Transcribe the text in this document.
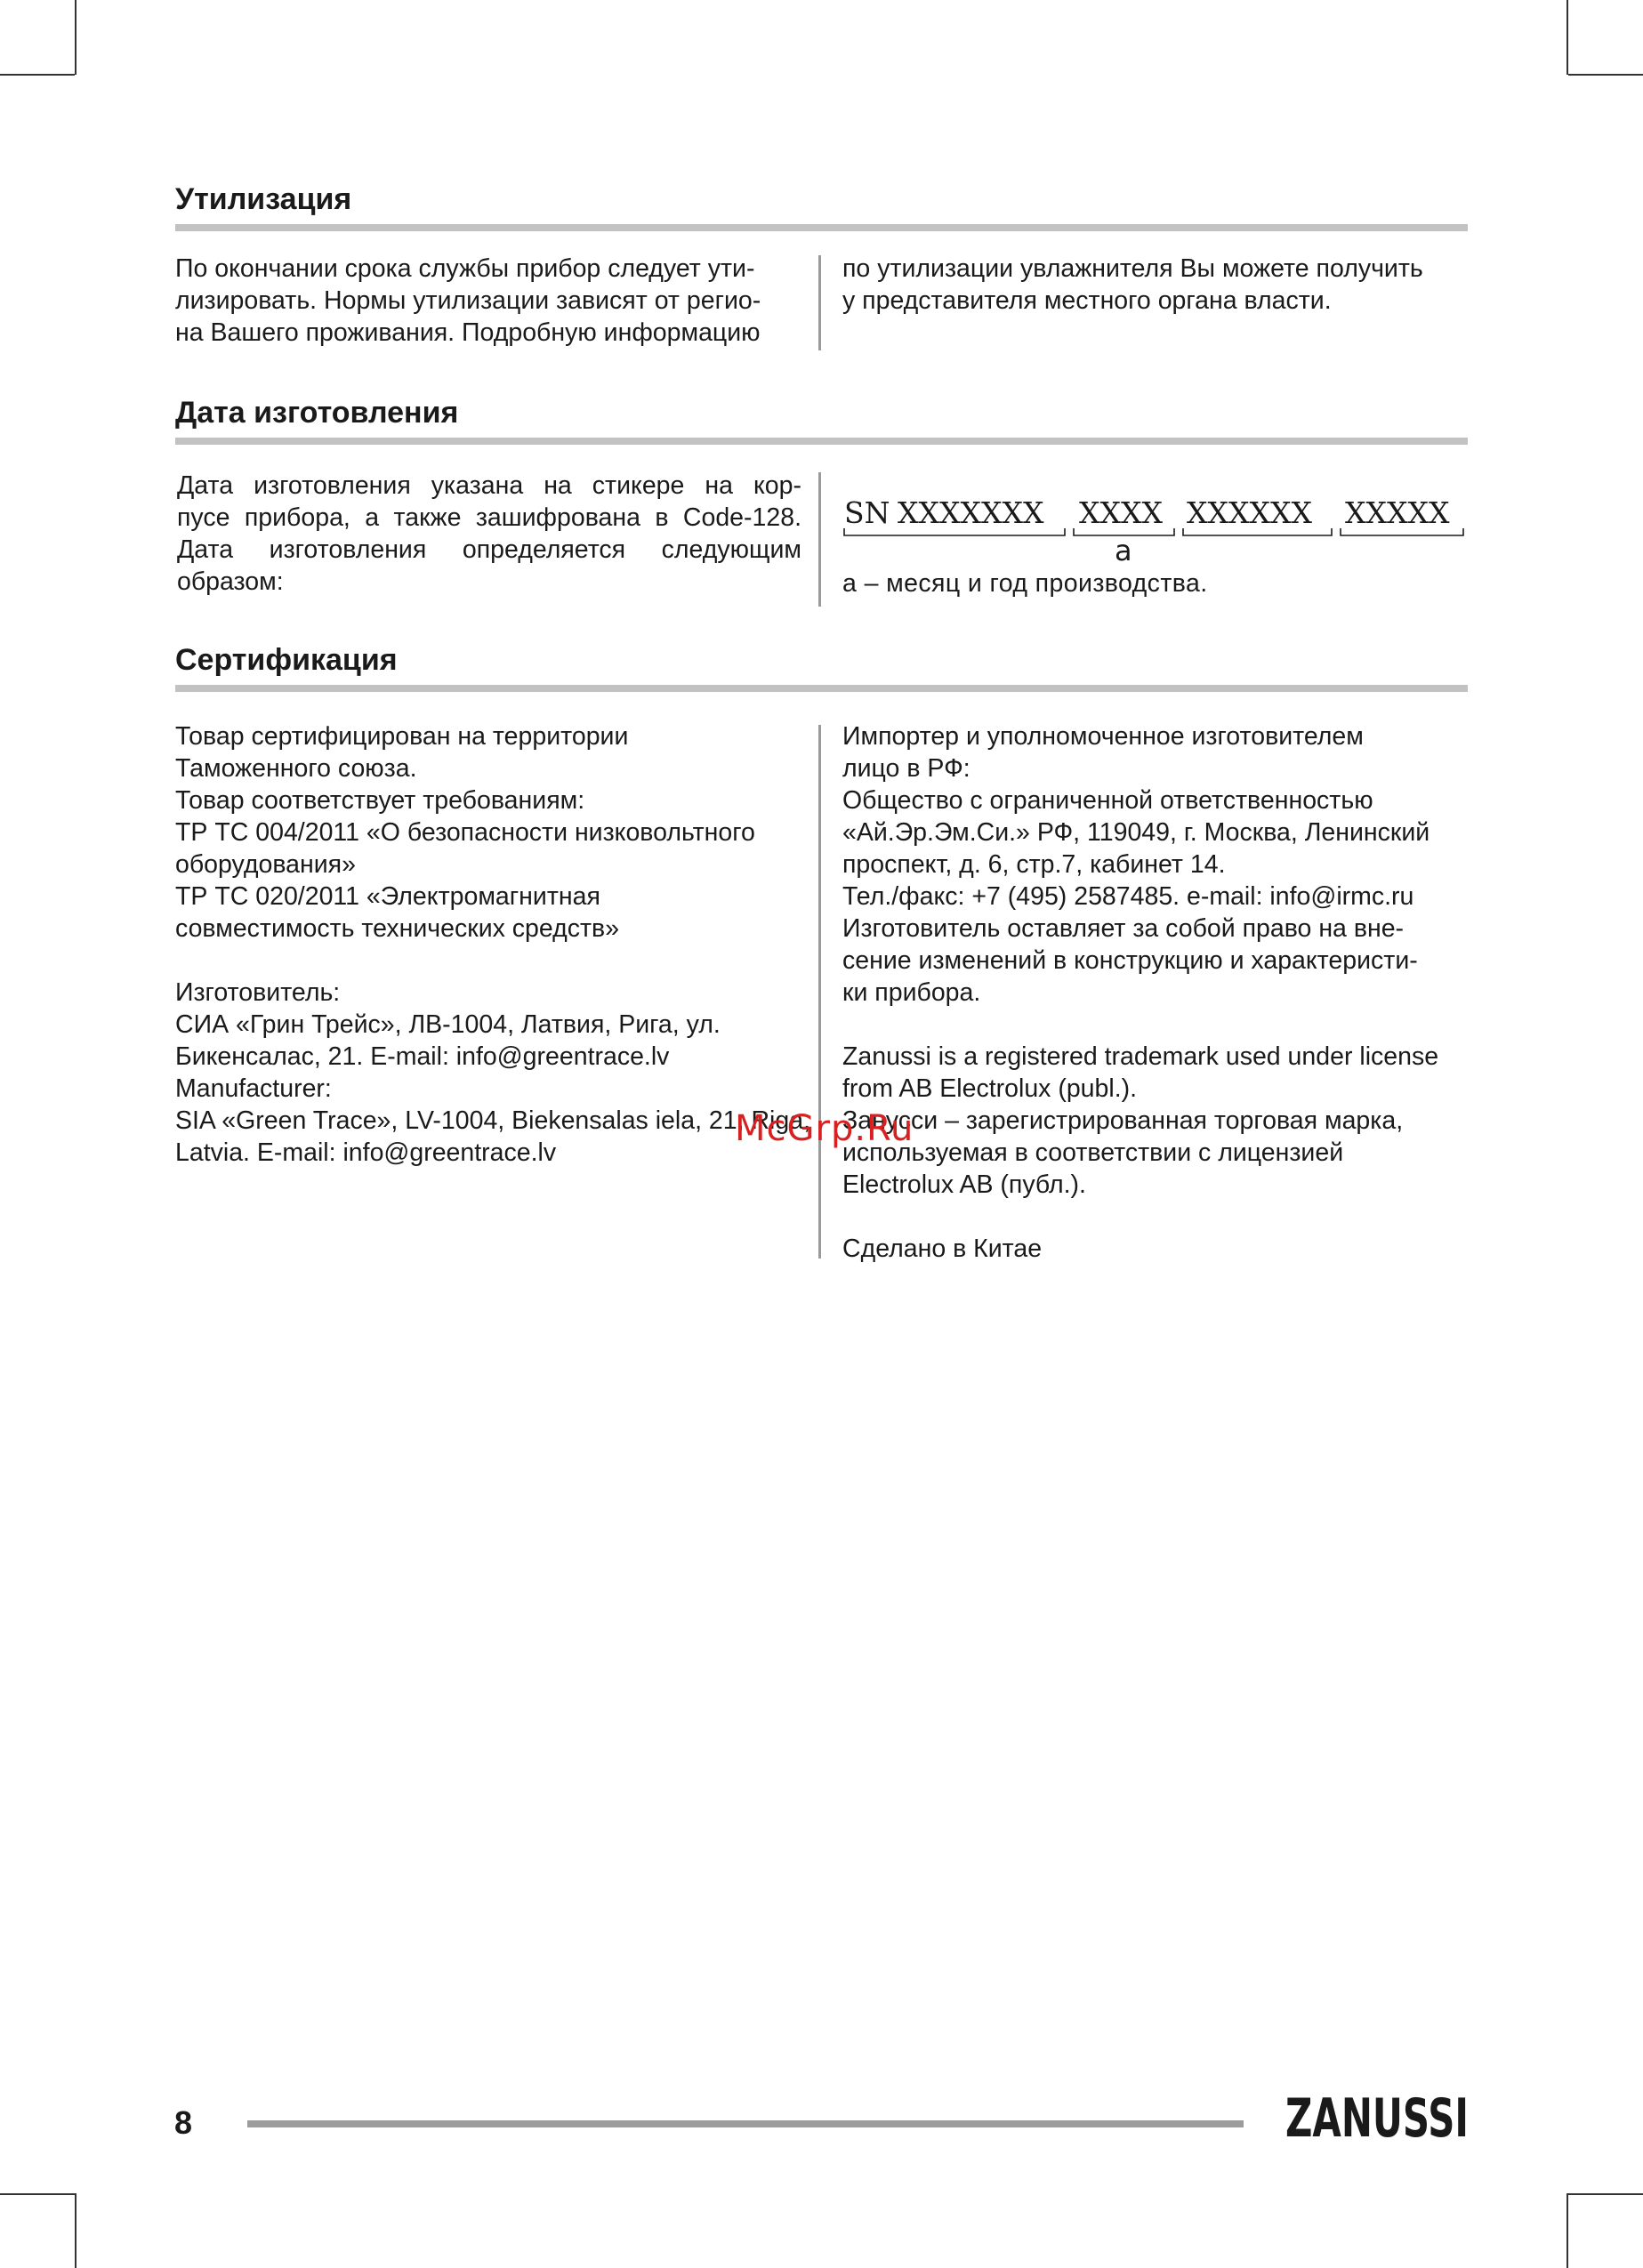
Утилизация
По окончании срока службы прибор следует ути-
лизировать. Нормы утилизации зависят от регио-
на Вашего проживания. Подробную информацию
по утилизации увлажнителя Вы можете получить
у представителя местного органа власти.
Дата изготовления
Дата изготовления указана на стикере на кор-
пусе прибора, а также зашифрована в Code-128.
Дата изготовления определяется следующим
образом:
SN XXXXXXX XXXX XXXXXX XXXXX
a
a – месяц и год производства.
Сертификация
Товар сертифицирован на территории
Таможенного союза.
Товар соответствует требованиям:
ТР ТС 004/2011 «О безопасности низковольтного
оборудования»
ТР ТС 020/2011 «Электромагнитная
совместимость технических средств»
Изготовитель:
СИА «Грин Трейс», ЛВ-1004, Латвия, Рига, ул.
Бикенсалас, 21. E-mail: info@greentrace.lv
Manufacturer:
SIA «Green Trace», LV-1004, Biekensalas iela, 21, Riga,
Latvia. E-mail: info@greentrace.lv
Импортер и уполномоченное изготовителем
лицо в РФ:
Общество с ограниченной ответственностью
«Ай.Эр.Эм.Си.» РФ, 119049, г. Москва, Ленинский
проспект, д. 6, стр.7, кабинет 14.
Тел./факс: +7 (495) 2587485. e-mail: info@irmc.ru
Изготовитель оставляет за собой право на вне-
сение изменений в конструкцию и характеристи-
ки прибора.
Zanussi is a registered trademark used under license
from AB Electrolux (publ.).
Занусси – зарегистрированная торговая марка,
используемая в соответствии с лицензией
Electrolux AB (публ.).
Сделано в Китае
McGrp.Ru
8	ZANUSSI
